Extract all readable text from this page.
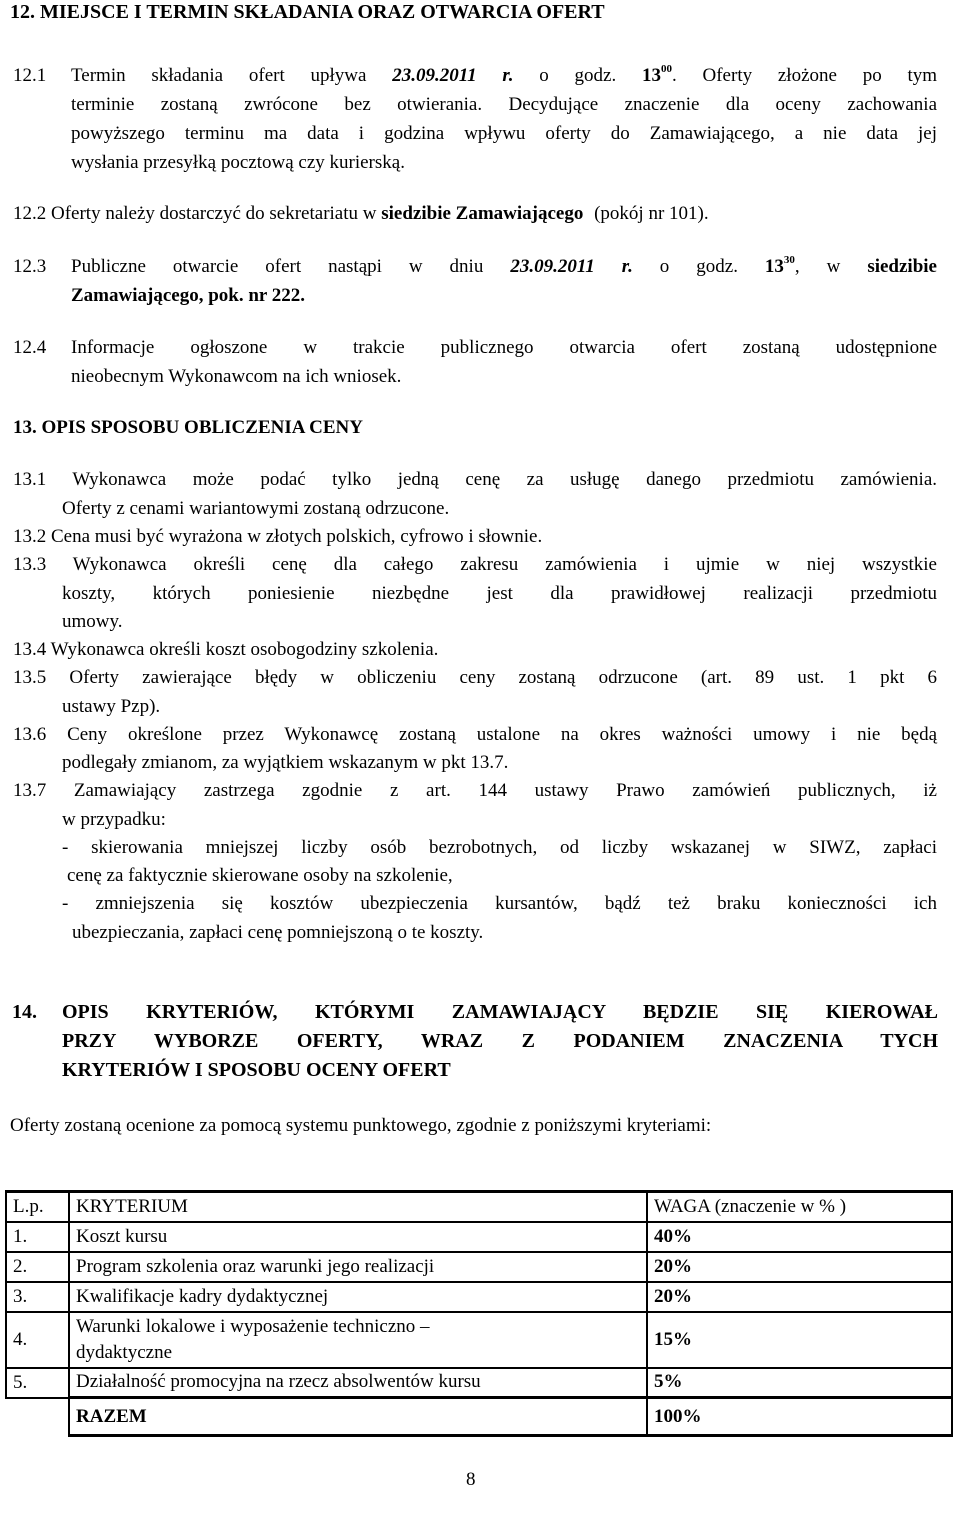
12. MIEJSCE I TERMIN SKŁADANIA ORAZ OTWARCIA OFERT
12.1 Termin składania ofert upływa 23.09.2011 r. o godz. $13^{00}$. Oferty złożone po tym
terminie zostaną zwrócone bez otwierania. Decydujące znaczenie dla oceny zachowania
powyższego terminu ma data i godzina wpływu oferty do Zamawiającego, a nie data jej
wysłania przesyłką pocztową czy kurierską.
12.2 Oferty należy dostarczyć do sekretariatu w siedzibie Zamawiającego (pokój nr 101).
12.3 Publiczne otwarcie ofert nastąpi w dniu 23.09.2011 r. o godz. $13^{30}$, w siedzibie
Zamawiającego, pok. nr 222.
12.4 Informacje ogłoszone w trakcie publicznego otwarcia ofert zostaną udostępnione
nieobecnym Wykonawcom na ich wniosek.
13. OPIS SPOSOBU OBLICZENIA CENY
13.1 Wykonawca może podać tylko jedną cenę za usługę danego przedmiotu zamówienia.
Oferty z cenami wariantowymi zostaną odrzucone.
13.2 Cena musi być wyrażona w złotych polskich, cyfrowo i słownie.
13.3 Wykonawca określi cenę dla całego zakresu zamówienia i ujmie w niej wszystkie
koszty, których poniesienie niezbędne jest dla prawidłowej realizacji przedmiotu
umowy.
13.4 Wykonawca określi koszt osobogodziny szkolenia.
13.5 Oferty zawierające błędy w obliczeniu ceny zostaną odrzucone (art. 89 ust. 1 pkt 6
ustawy Pzp).
13.6 Ceny określone przez Wykonawcę zostaną ustalone na okres ważności umowy i nie będą
podlegały zmianom, za wyjątkiem wskazanym w pkt 13.7.
13.7 Zamawiający zastrzega zgodnie z art. 144 ustawy Prawo zamówień publicznych, iż
w przypadku:
- skierowania mniejszej liczby osób bezrobotnych, od liczby wskazanej w SIWZ, zapłaci
cenę za faktycznie skierowane osoby na szkolenie,
- zmniejszenia się kosztów ubezpieczenia kursantów, bądź też braku konieczności ich
ubezpieczania, zapłaci cenę pomniejszoną o te koszty.
14. OPIS KRYTERIÓW, KTÓRYMI ZAMAWIAJĄCY BĘDZIE SIĘ KIEROWAŁ
PRZY WYBORZE OFERTY, WRAZ Z PODANIEM ZNACZENIA TYCH
KRYTERIÓW I SPOSOBU OCENY OFERT
Oferty zostaną ocenione za pomocą systemu punktowego, zgodnie z poniższymi kryteriami:
L.p.	KRYTERIUM	WAGA (znaczenie w % )
1.	Koszt kursu	40%
2.	Program szkolenia oraz warunki jego realizacji	20%
3.	Kwalifikacje kadry dydaktycznej	20%
4.	Warunki lokalowe i wyposażenie techniczno –
dydaktyczne	15%
5.	Działalność promocyjna na rzecz absolwentów kursu	5%
	RAZEM	100%
8
